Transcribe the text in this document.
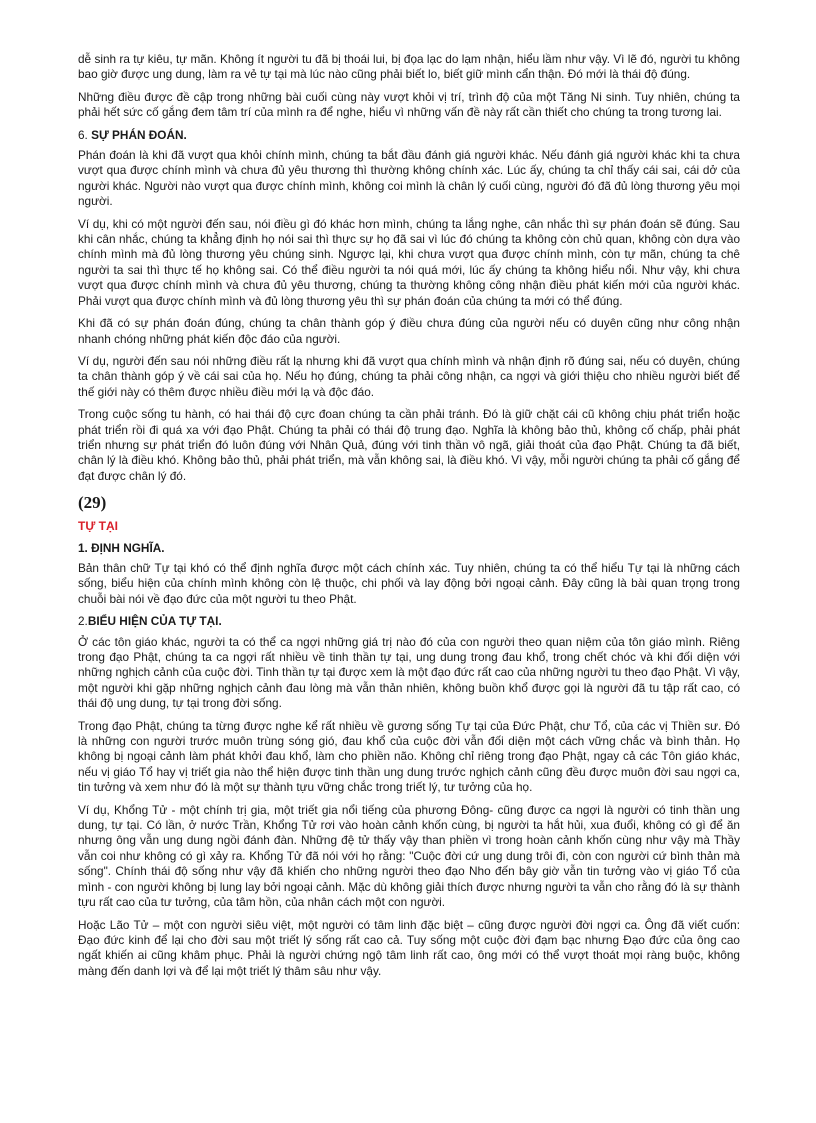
dễ sinh ra tự kiêu, tự mãn. Không ít người tu đã bị thoái lui, bị đọa lạc do lạm nhận, hiểu lầm như vậy. Vì lẽ đó, người tu không bao giờ được ung dung, làm ra vẻ tự tại mà lúc nào cũng phải biết lo, biết giữ mình cẩn thận. Đó mới là thái độ đúng.

Những điều được đề cập trong những bài cuối cùng này vượt khỏi vị trí, trình độ của một Tăng Ni sinh. Tuy nhiên, chúng ta phải hết sức cố gắng đem tâm trí của mình ra để nghe, hiểu vì những vấn đề này rất cần thiết cho chúng ta trong tương lai.

6. SỰ PHÁN ĐOÁN.

Phán đoán là khi đã vượt qua khỏi chính mình, chúng ta bắt đầu đánh giá người khác. Nếu đánh giá người khác khi ta chưa vượt qua được chính mình và chưa đủ yêu thương thì thường không chính xác. Lúc ấy, chúng ta chỉ thấy cái sai, cái dở của người khác. Người nào vượt qua được chính mình, không coi mình là chân lý cuối cùng, người đó đã đủ lòng thương yêu mọi người.

Ví dụ, khi có một người đến sau, nói điều gì đó khác hơn mình, chúng ta lắng nghe, cân nhắc thì sự phán đoán sẽ đúng. Sau khi cân nhắc, chúng ta khẳng định họ nói sai thì thực sự họ đã sai vì lúc đó chúng ta không còn chủ quan, không còn dựa vào chính mình mà đủ lòng thương yêu chúng sinh. Ngược lại, khi chưa vượt qua được chính mình, còn tự mãn, chúng ta chê người ta sai thì thực tế họ không sai. Có thể điều người ta nói quá mới, lúc ấy chúng ta không hiểu nổi. Như vậy, khi chưa vượt qua được chính mình và chưa đủ yêu thương, chúng ta thường không công nhận điều phát kiến mới của người khác. Phải vượt qua được chính mình và đủ lòng thương yêu thì sự phán đoán của chúng ta mới có thể đúng.

Khi đã có sự phán đoán đúng, chúng ta chân thành góp ý điều chưa đúng của người nếu có duyên cũng như công nhận nhanh chóng những phát kiến độc đáo của người.

Ví dụ, người đến sau nói những điều rất lạ nhưng khi đã vượt qua chính mình và nhận định rõ đúng sai, nếu có duyên, chúng ta chân thành góp ý về cái sai của họ. Nếu họ đúng, chúng ta phải công nhận, ca ngợi và giới thiệu cho nhiều người biết để thế giới này có thêm được nhiều điều mới lạ và độc đáo.

Trong cuộc sống tu hành, có hai thái độ cực đoan chúng ta cần phải tránh. Đó là giữ chặt cái cũ không chịu phát triển hoặc phát triển rồi đi quá xa với đạo Phật. Chúng ta phải có thái độ trung đạo. Nghĩa là không bảo thủ, không cố chấp, phải phát triển nhưng sự phát triển đó luôn đúng với Nhân Quả, đúng với tinh thần vô ngã, giải thoát của đạo Phật. Chúng ta đã biết, chân lý là điều khó. Không bảo thủ, phải phát triển, mà vẫn không sai, là điều khó. Vì vậy, mỗi người chúng ta phải cố gắng để đạt được chân lý đó.

(29)
TỰ TẠI
1. ĐỊNH NGHĨA.

Bản thân chữ Tự tại khó có thể định nghĩa được một cách chính xác. Tuy nhiên, chúng ta có thể hiểu Tự tại là những cách sống, biểu hiện của chính mình không còn lệ thuộc, chi phối và lay động bởi ngoại cảnh. Đây cũng là bài quan trọng trong chuỗi bài nói về đạo đức của một người tu theo Phật.

2.BIỂU HIỆN CỦA TỰ TẠI.

Ở các tôn giáo khác, người ta có thể ca ngợi những giá trị nào đó của con người theo quan niệm của tôn giáo mình. Riêng trong đạo Phật, chúng ta ca ngợi rất nhiều về tinh thần tự tại, ung dung trong đau khổ, trong chết chóc và khi đối diện với những nghịch cảnh của cuộc đời. Tinh thần tự tại được xem là một đạo đức rất cao của những người tu theo đạo Phật. Vì vậy, một người khi gặp những nghịch cảnh đau lòng mà vẫn thản nhiên, không buồn khổ được gọi là người đã tu tập rất cao, có thái độ ung dung, tự tại trong đời sống.

Trong đạo Phật, chúng ta từng được nghe kể rất nhiều về gương sống Tự tại của Đức Phật, chư Tổ, của các vị Thiền sư. Đó là những con người trước muôn trùng sóng gió, đau khổ của cuộc đời vẫn đối diện một cách vững chắc và bình thản. Họ không bị ngoại cảnh làm phát khởi đau khổ, làm cho phiền não. Không chỉ riêng trong đạo Phật, ngay cả các Tôn giáo khác, nếu vị giáo Tổ hay vị triết gia nào thể hiện được tinh thần ung dung trước nghịch cảnh cũng đều được muôn đời sau ngợi ca, tin tưởng và xem như đó là một sự thành tựu vững chắc trong triết lý, tư tưởng của họ.

Ví dụ, Khổng Tử - một chính trị gia, một triết gia nổi tiếng của phương Đông- cũng được ca ngợi là người có tinh thần ung dung, tự tại. Có lần, ở nước Trần, Khổng Tử rơi vào hoàn cảnh khốn cùng, bị người ta hắt hủi, xua đuổi, không có gì để ăn nhưng ông vẫn ung dung ngồi đánh đàn. Những đệ tử thấy vậy than phiền vì trong hoàn cảnh khốn cùng như vậy mà Thầy vẫn coi như không có gì xảy ra. Khổng Tử đã nói với họ rằng: "Cuộc đời cứ ung dung trôi đi, còn con người cứ bình thản mà sống". Chính thái độ sống như vậy đã khiến cho những người theo đạo Nho đến bây giờ vẫn tin tưởng vào vị giáo Tổ của mình - con người không bị lung lay bởi ngoại cảnh. Mặc dù không giải thích được nhưng người ta vẫn cho rằng đó là sự thành tựu rất cao của tư tưởng, của tâm hồn, của nhân cách một con người.

Hoặc Lão Tử – một con người siêu việt, một người có tâm linh đặc biệt – cũng được người đời ngợi ca. Ông đã viết cuốn: Đạo đức kinh để lại cho đời sau một triết lý sống rất cao cả. Tuy sống một cuộc đời đạm bạc nhưng Đạo đức của ông cao ngất khiến ai cũng khâm phục. Phải là người chứng ngộ tâm linh rất cao, ông mới có thể vượt thoát mọi ràng buộc, không màng đến danh lợi và để lại một triết lý thâm sâu như vậy.
